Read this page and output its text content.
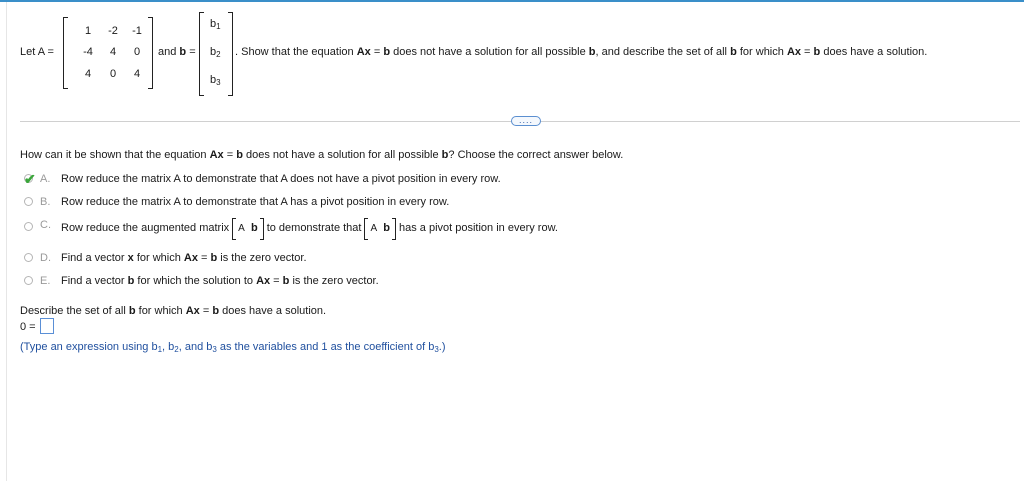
Let A =
1	-2	-1
-4	4	0
4	0	4
and b =
$b_1$
$b_2$
$b_3$
. Show that the equation Ax = b does not have a solution for all possible b, and describe the set of all b for which Ax = b does have a solution.
....
How can it be shown that the equation Ax = b does not have a solution for all possible b? Choose the correct answer below.
✔ A. Row reduce the matrix A to demonstrate that A does not have a pivot position in every row.
B. Row reduce the matrix A to demonstrate that A has a pivot position in every row.
C. Row reduce the augmented matrix A b to demonstrate that A b has a pivot position in every row.
D. Find a vector x for which Ax = b is the zero vector.
E. Find a vector b for which the solution to Ax = b is the zero vector.
Describe the set of all b for which Ax = b does have a solution.
0 =
(Type an expression using $b_1$, $b_2$, and $b_3$ as the variables and 1 as the coefficient of $b_3$.)
